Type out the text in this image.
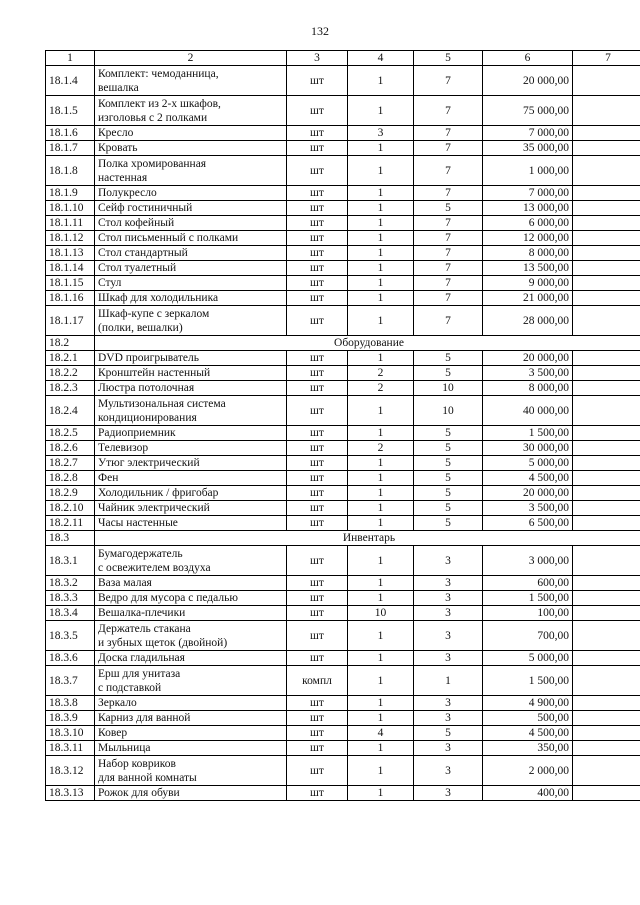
132
1	2	3	4	5	6	7
18.1.4	Комплект: чемоданница,
вешалка	шт	1	7	20 000,00	
18.1.5	Комплект из 2-х шкафов,
изголовья с 2 полками	шт	1	7	75 000,00	
18.1.6	Кресло	шт	3	7	7 000,00	
18.1.7	Кровать	шт	1	7	35 000,00	
18.1.8	Полка хромированная
настенная	шт	1	7	1 000,00	
18.1.9	Полукресло	шт	1	7	7 000,00	
18.1.10	Сейф гостиничный	шт	1	5	13 000,00	
18.1.11	Стол кофейный	шт	1	7	6 000,00	
18.1.12	Стол письменный с полками	шт	1	7	12 000,00	
18.1.13	Стол стандартный	шт	1	7	8 000,00	
18.1.14	Стол туалетный	шт	1	7	13 500,00	
18.1.15	Стул	шт	1	7	9 000,00	
18.1.16	Шкаф для холодильника	шт	1	7	21 000,00	
18.1.17	Шкаф-купе с зеркалом
(полки, вешалки)	шт	1	7	28 000,00	
18.2	Оборудование					
18.2.1	DVD проигрыватель	шт	1	5	20 000,00	
18.2.2	Кронштейн настенный	шт	2	5	3 500,00	
18.2.3	Люстра потолочная	шт	2	10	8 000,00	
18.2.4	Мультизональная система
кондиционирования	шт	1	10	40 000,00	
18.2.5	Радиоприемник	шт	1	5	1 500,00	
18.2.6	Телевизор	шт	2	5	30 000,00	
18.2.7	Утюг электрический	шт	1	5	5 000,00	
18.2.8	Фен	шт	1	5	4 500,00	
18.2.9	Холодильник / фригобар	шт	1	5	20 000,00	
18.2.10	Чайник электрический	шт	1	5	3 500,00	
18.2.11	Часы настенные	шт	1	5	6 500,00	
18.3	Инвентарь					
18.3.1	Бумагодержатель
с освежителем воздуха	шт	1	3	3 000,00	
18.3.2	Ваза малая	шт	1	3	600,00	
18.3.3	Ведро для мусора с педалью	шт	1	3	1 500,00	
18.3.4	Вешалка-плечики	шт	10	3	100,00	
18.3.5	Держатель стакана
и зубных щеток (двойной)	шт	1	3	700,00	
18.3.6	Доска гладильная	шт	1	3	5 000,00	
18.3.7	Ерш для унитаза
с подставкой	компл	1	1	1 500,00	
18.3.8	Зеркало	шт	1	3	4 900,00	
18.3.9	Карниз для ванной	шт	1	3	500,00	
18.3.10	Ковер	шт	4	5	4 500,00	
18.3.11	Мыльница	шт	1	3	350,00	
18.3.12	Набор ковриков
для ванной комнаты	шт	1	3	2 000,00	
18.3.13	Рожок для обуви	шт	1	3	400,00	
